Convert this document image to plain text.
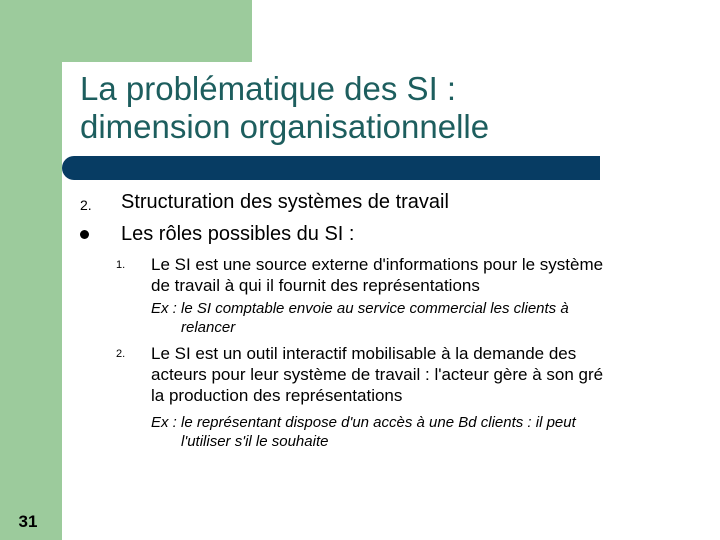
La problématique des SI :
dimension organisationnelle
2. Structuration des systèmes de travail

Les rôles possibles du SI :

1. Le SI est une source externe d'informations pour le système
de travail à qui il fournit des représentations

Ex : le SI comptable envoie au service commercial les clients à
relancer

2. Le SI est un outil interactif mobilisable à la demande des
acteurs pour leur système de travail : l'acteur gère à son gré
la production des représentations

Ex : le représentant dispose d'un accès à une Bd clients : il peut
l'utiliser s'il le souhaite

31
